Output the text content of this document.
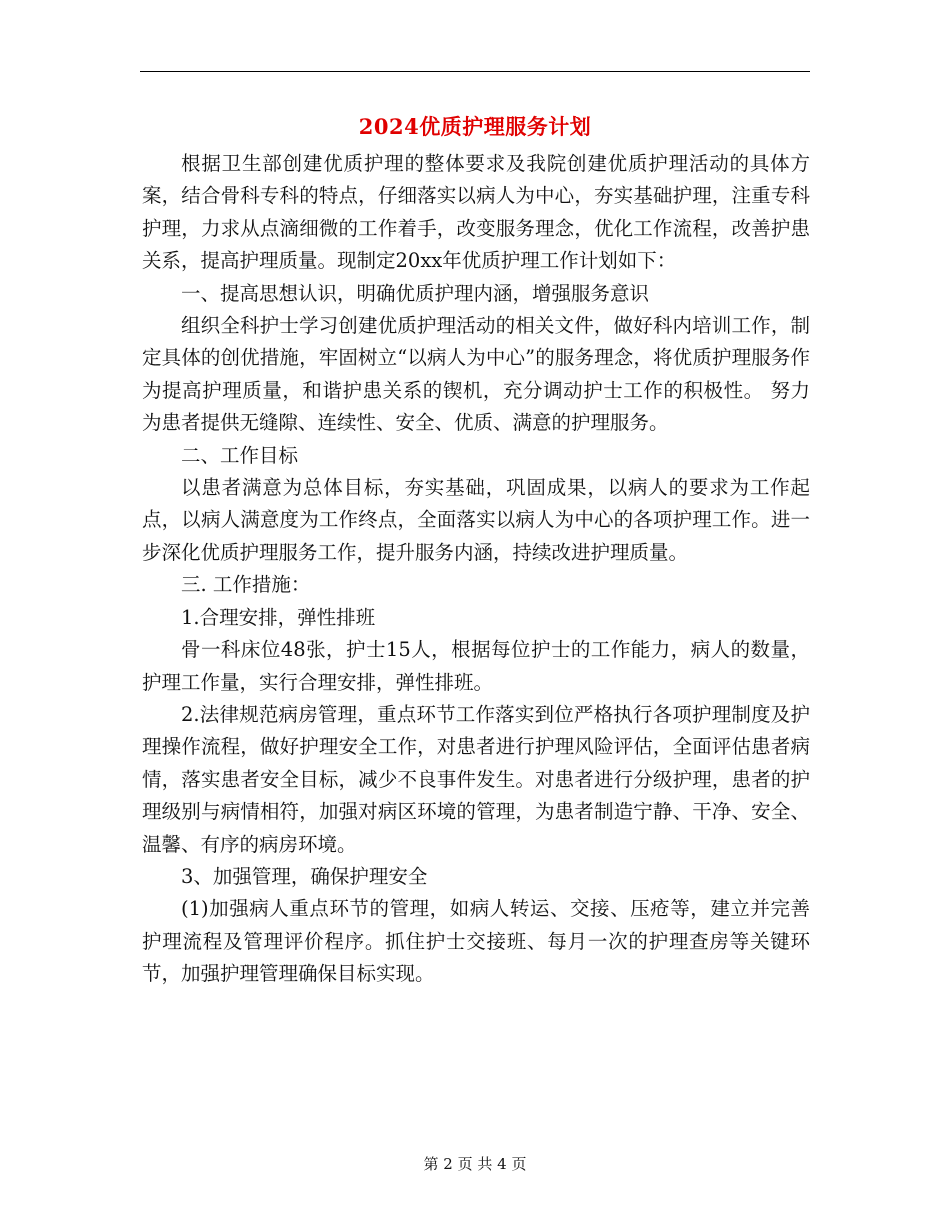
2024优质护理服务计划

根据卫生部创建优质护理的整体要求及我院创建优质护理活动的具体方案，结合骨科专科的特点，仔细落实以病人为中心，夯实基础护理，注重专科护理，力求从点滴细微的工作着手，改变服务理念，优化工作流程，改善护患关系，提高护理质量。现制定20xx年优质护理工作计划如下：

一、提高思想认识，明确优质护理内涵，增强服务意识

组织全科护士学习创建优质护理活动的相关文件，做好科内培训工作，制定具体的创优措施，牢固树立“以病人为中心”的服务理念，将优质护理服务作为提高护理质量，和谐护患关系的锲机，充分调动护士工作的积极性。 努力为患者提供无缝隙、连续性、安全、优质、满意的护理服务。

二、工作目标

以患者满意为总体目标，夯实基础，巩固成果，以病人的要求为工作起点，以病人满意度为工作终点，全面落实以病人为中心的各项护理工作。进一步深化优质护理服务工作，提升服务内涵，持续改进护理质量。

三. 工作措施：

1.合理安排，弹性排班

骨一科床位48张，护士15人，根据每位护士的工作能力，病人的数量，护理工作量，实行合理安排，弹性排班。

2.法律规范病房管理，重点环节工作落实到位严格执行各项护理制度及护理操作流程，做好护理安全工作，对患者进行护理风险评估，全面评估患者病情，落实患者安全目标，减少不良事件发生。对患者进行分级护理，患者的护理级别与病情相符，加强对病区环境的管理，为患者制造宁静、干净、安全、温馨、有序的病房环境。

3、加强管理，确保护理安全

(1)加强病人重点环节的管理，如病人转运、交接、压疮等，建立并完善护理流程及管理评价程序。抓住护士交接班、每月一次的护理查房等关键环节，加强护理管理确保目标实现。

第 2 页 共 4 页
